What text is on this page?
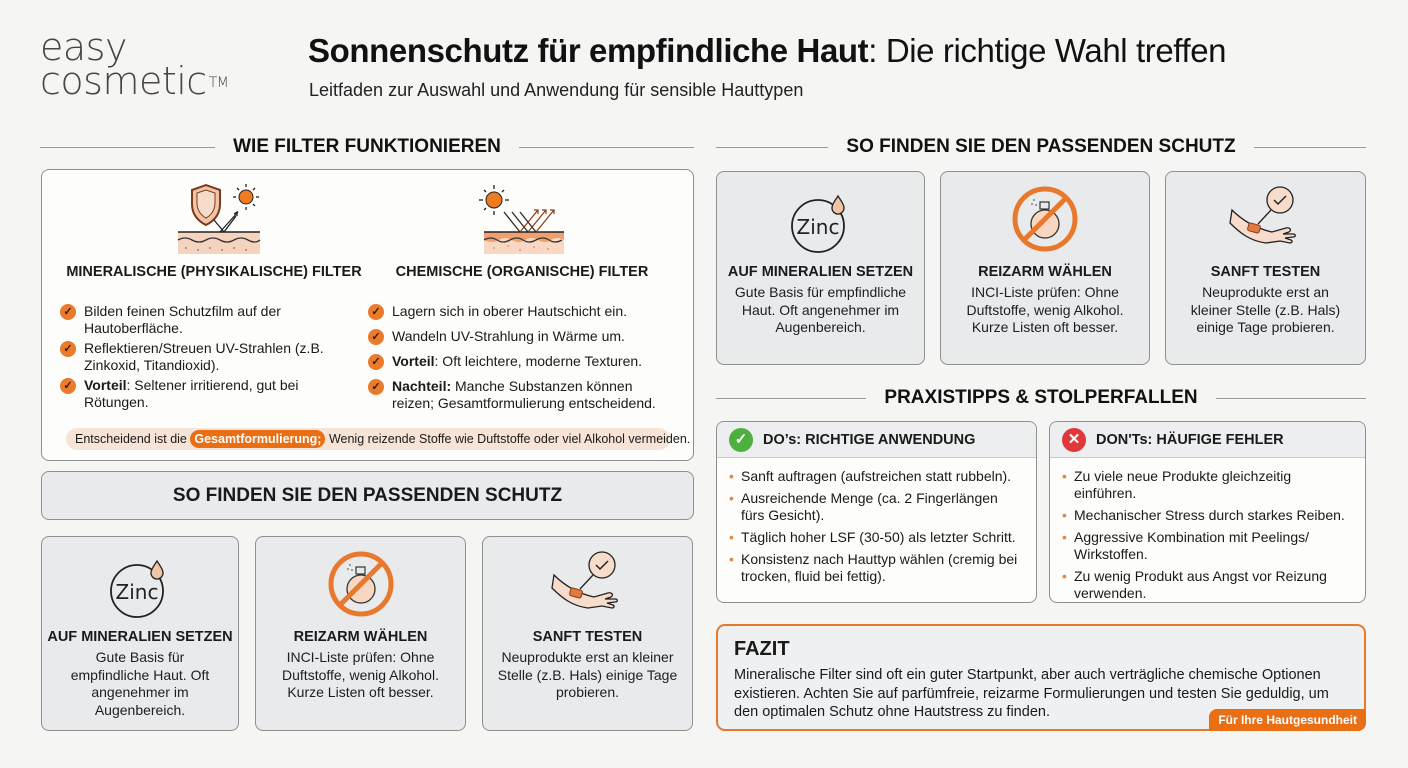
easy
cosmetic ™
Sonnenschutz für empfindliche Haut: Die richtige Wahl treffen
Leitfaden zur Auswahl und Anwendung für sensible Hauttypen
WIE FILTER FUNKTIONIEREN
MINERALISCHE (PHYSIKALISCHE) FILTER
✓ Bilden feinen Schutzfilm auf der Hautoberfläche.
✓ Reflektieren/Streuen UV-Strahlen (z.B. Zinkoxid, Titandioxid).
✓ Vorteil: Seltener irritierend, gut bei Rötungen.
CHEMISCHE (ORGANISCHE) FILTER
✓ Lagern sich in oberer Hautschicht ein.
✓ Wandeln UV-Strahlung in Wärme um.
✓ Vorteil: Oft leichtere, moderne Texturen.
✓ Nachteil: Manche Substanzen können reizen; Gesamtformulierung entscheidend.
Entscheidend ist die Gesamtformulierung; Wenig reizende Stoffe wie Duftstoffe oder viel Alkohol vermeiden.
SO FINDEN SIE DEN PASSENDEN SCHUTZ
Zinc
AUF MINERALIEN SETZEN
Gute Basis für empfindliche Haut. Oft angenehmer im Augenbereich.
REIZARM WÄHLEN
INCI-Liste prüfen: Ohne Duftstoffe, wenig Alkohol. Kurze Listen oft besser.
SANFT TESTEN
Neuprodukte erst an kleiner Stelle (z.B. Hals) einige Tage probieren.
SO FINDEN SIE DEN PASSENDEN SCHUTZ
Zinc
AUF MINERALIEN SETZEN
Gute Basis für empfindliche Haut. Oft angenehmer im Augenbereich.
REIZARM WÄHLEN
INCI-Liste prüfen: Ohne Duftstoffe, wenig Alkohol. Kurze Listen oft besser.
SANFT TESTEN
Neuprodukte erst an kleiner Stelle (z.B. Hals) einige Tage probieren.
PRAXISTIPPS & STOLPERFALLEN
✓	DO’s: RICHTIGE ANWENDUNG
• Sanft auftragen (aufstreichen statt rubbeln).
• Ausreichende Menge (ca. 2 Fingerlängen fürs Gesicht).
• Täglich hoher LSF (30-50) als letzter Schritt.
• Konsistenz nach Hauttyp wählen (cremig bei trocken, fluid bei fettig).
✕	DON'Ts: HÄUFIGE FEHLER
• Zu viele neue Produkte gleichzeitig einführen.
• Mechanischer Stress durch starkes Reiben.
• Aggressive Kombination mit Peelings/ Wirkstoffen.
• Zu wenig Produkt aus Angst vor Reizung verwenden.
FAZIT
Mineralische Filter sind oft ein guter Startpunkt, aber auch verträgliche chemische Optionen existieren. Achten Sie auf parfümfreie, reizarme Formulierungen und testen Sie geduldig, um den optimalen Schutz ohne Hautstress zu finden.	Für Ihre Hautgesundheit
